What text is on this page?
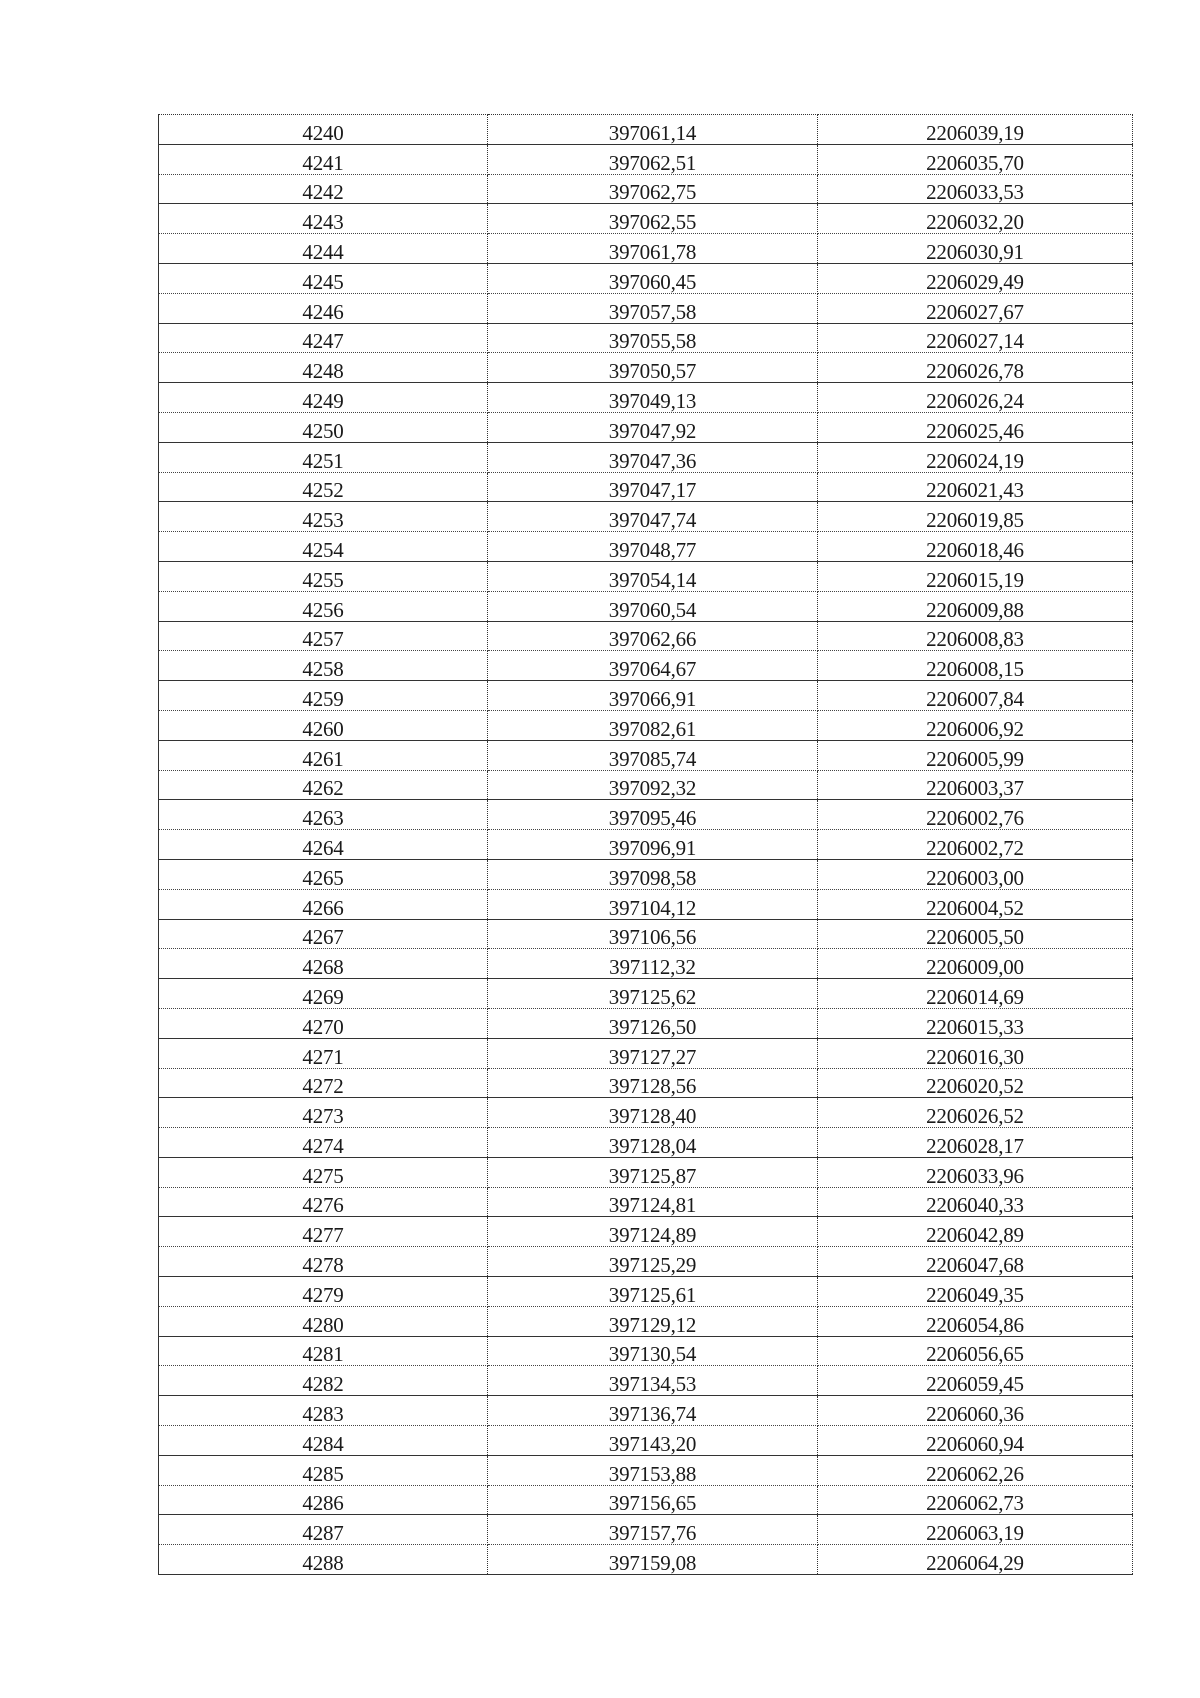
4240	397061,14	2206039,19
4241	397062,51	2206035,70
4242	397062,75	2206033,53
4243	397062,55	2206032,20
4244	397061,78	2206030,91
4245	397060,45	2206029,49
4246	397057,58	2206027,67
4247	397055,58	2206027,14
4248	397050,57	2206026,78
4249	397049,13	2206026,24
4250	397047,92	2206025,46
4251	397047,36	2206024,19
4252	397047,17	2206021,43
4253	397047,74	2206019,85
4254	397048,77	2206018,46
4255	397054,14	2206015,19
4256	397060,54	2206009,88
4257	397062,66	2206008,83
4258	397064,67	2206008,15
4259	397066,91	2206007,84
4260	397082,61	2206006,92
4261	397085,74	2206005,99
4262	397092,32	2206003,37
4263	397095,46	2206002,76
4264	397096,91	2206002,72
4265	397098,58	2206003,00
4266	397104,12	2206004,52
4267	397106,56	2206005,50
4268	397112,32	2206009,00
4269	397125,62	2206014,69
4270	397126,50	2206015,33
4271	397127,27	2206016,30
4272	397128,56	2206020,52
4273	397128,40	2206026,52
4274	397128,04	2206028,17
4275	397125,87	2206033,96
4276	397124,81	2206040,33
4277	397124,89	2206042,89
4278	397125,29	2206047,68
4279	397125,61	2206049,35
4280	397129,12	2206054,86
4281	397130,54	2206056,65
4282	397134,53	2206059,45
4283	397136,74	2206060,36
4284	397143,20	2206060,94
4285	397153,88	2206062,26
4286	397156,65	2206062,73
4287	397157,76	2206063,19
4288	397159,08	2206064,29
